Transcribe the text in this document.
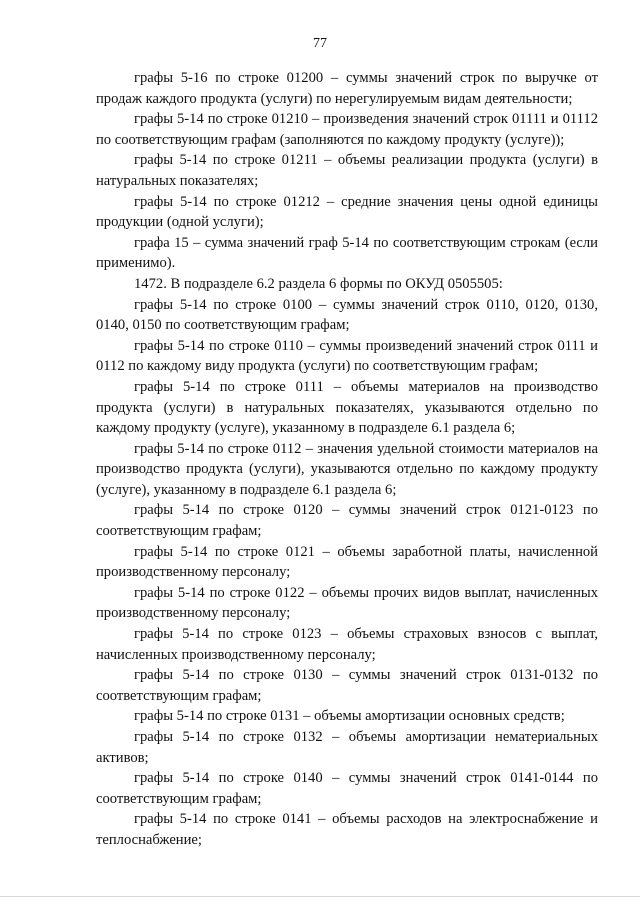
77

графы 5-16 по строке 01200 – суммы значений строк по выручке от продаж каждого продукта (услуги) по нерегулируемым видам деятельности;

графы 5-14 по строке 01210 – произведения значений строк 01111 и 01112 по соответствующим графам (заполняются по каждому продукту (услуге));

графы 5-14 по строке 01211 – объемы реализации продукта (услуги) в натуральных показателях;

графы 5-14 по строке 01212 – средние значения цены одной единицы продукции (одной услуги);

графа 15 – сумма значений граф 5-14 по соответствующим строкам (если применимо).

1472. В подразделе 6.2 раздела 6 формы по ОКУД 0505505:

графы 5-14 по строке 0100 – суммы значений строк 0110, 0120, 0130, 0140, 0150 по соответствующим графам;

графы 5-14 по строке 0110 – суммы произведений значений строк 0111 и 0112 по каждому виду продукта (услуги) по соответствующим графам;

графы 5-14 по строке 0111 – объемы материалов на производство продукта (услуги) в натуральных показателях, указываются отдельно по каждому продукту (услуге), указанному в подразделе 6.1 раздела 6;

графы 5-14 по строке 0112 – значения удельной стоимости материалов на производство продукта (услуги), указываются отдельно по каждому продукту (услуге), указанному в подразделе 6.1 раздела 6;

графы 5-14 по строке 0120 – суммы значений строк 0121-0123 по соответствующим графам;

графы 5-14 по строке 0121 – объемы заработной платы, начисленной производственному персоналу;

графы 5-14 по строке 0122 – объемы прочих видов выплат, начисленных производственному персоналу;

графы 5-14 по строке 0123 – объемы страховых взносов с выплат, начисленных производственному персоналу;

графы 5-14 по строке 0130 – суммы значений строк 0131-0132 по соответствующим графам;

графы 5-14 по строке 0131 – объемы амортизации основных средств;

графы 5-14 по строке 0132 – объемы амортизации нематериальных активов;

графы 5-14 по строке 0140 – суммы значений строк 0141-0144 по соответствующим графам;

графы 5-14 по строке 0141 – объемы расходов на электроснабжение и теплоснабжение;
